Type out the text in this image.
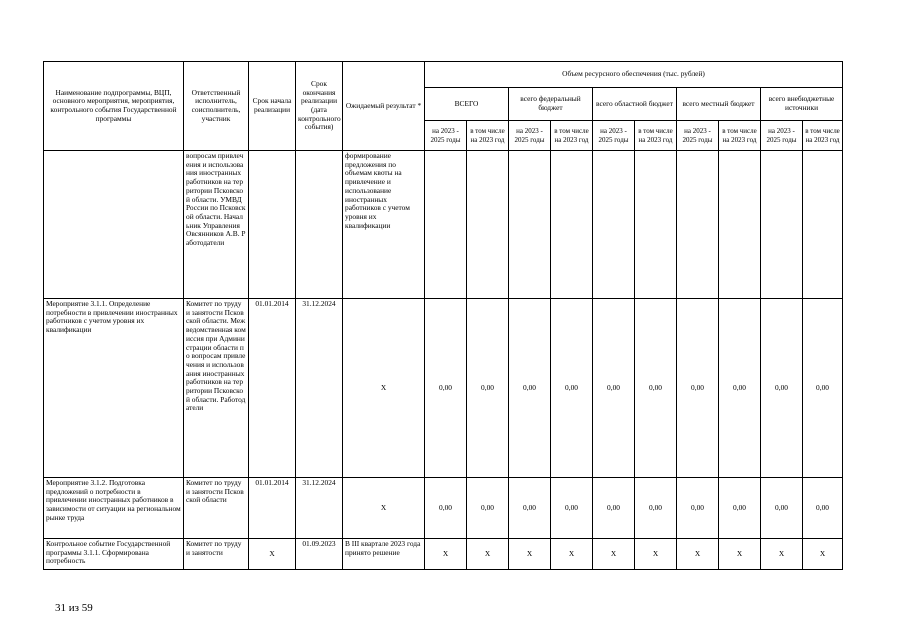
Наименование подпрограммы, ВЦП, основного мероприятия, мероприятия, контрольного события Государственной программы	Ответственный исполнитель, соисполнитель, участник	Срок начала реализации	Срок окончания реализации (дата контрольного события)	Ожидаемый результат *	Объем ресурсного обеспечения (тыс. рублей)									
					ВСЕГО		всего федеральный бюджет		всего областной бюджет		всего местный бюджет		всего внебюджетные источники	
					на 2023 - 2025 годы	в том числе на 2023 год	на 2023 - 2025 годы	в том числе на 2023 год	на 2023 - 2025 годы	в том числе на 2023 год	на 2023 - 2025 годы	в том числе на 2023 год	на 2023 - 2025 годы	в том числе на 2023 год
	вопросам привлечения и использования иностранных работников на территории Псковской области. УМВД России по Псковской области. Начальник Управления Овсянников А.В. Работодатели			формирование предложения по объемам квоты на привлечение и использование иностранных работников с учетом уровня их квалификации										
Мероприятие 3.1.1. Определение потребности в привлечении иностранных работников с учетом уровня их квалификации	Комитет по труду и занятости Псковской области. Межведомственная комиссия при Администрации области по вопросам привлечения и использования иностранных работников на территории Псковской области. Работодатели	01.01.2014	31.12.2024	X	0,00	0,00	0,00	0,00	0,00	0,00	0,00	0,00	0,00	0,00
Мероприятие 3.1.2. Подготовка предложений о потребности в привлечении иностранных работников в зависимости от ситуации на региональном рынке труда	Комитет по труду и занятости Псковской области	01.01.2014	31.12.2024	X	0,00	0,00	0,00	0,00	0,00	0,00	0,00	0,00	0,00	0,00
Контрольное событие Государственной программы 3.1.1. Сформирована потребность	Комитет по труду и занятости	X	01.09.2023	В III квартале 2023 года принято решение	X	X	X	X	X	X	X	X	X	X
31 из 59
